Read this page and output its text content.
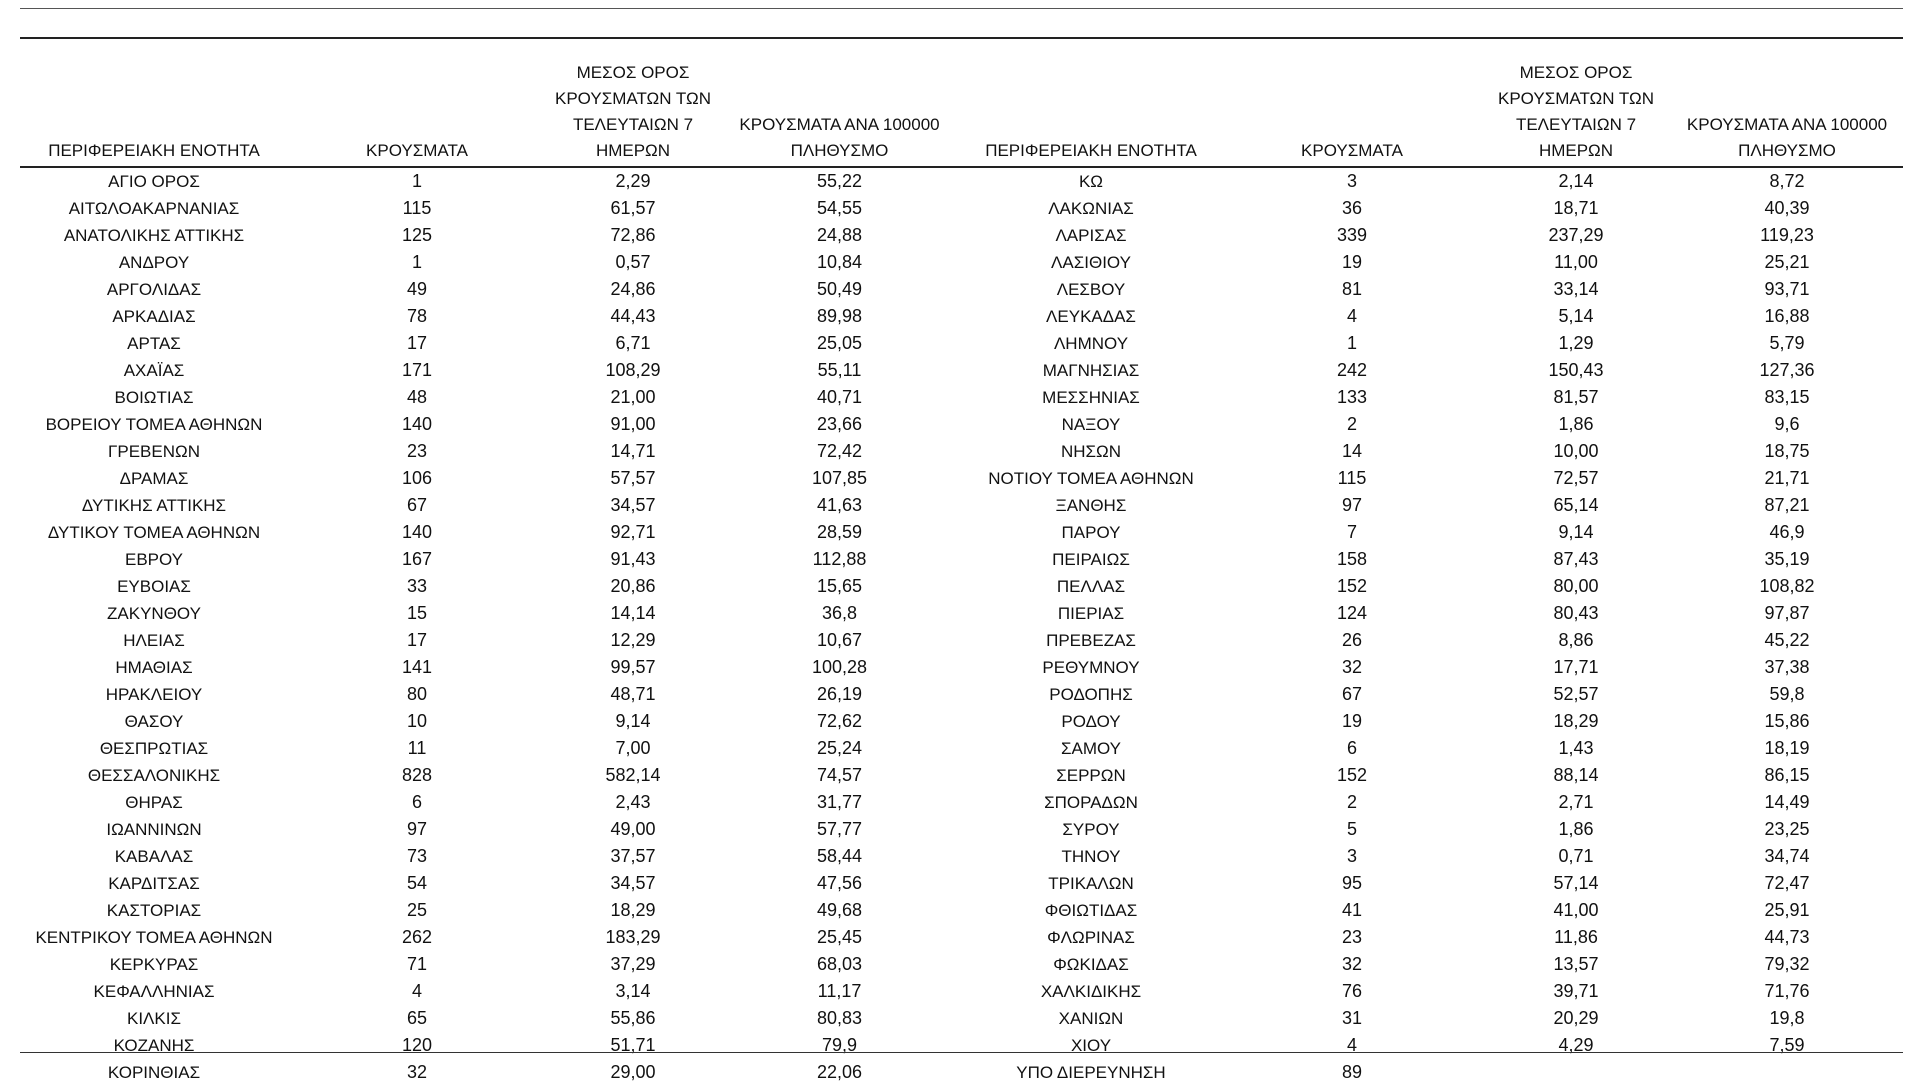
ΠΕΡΙΦΕΡΕΙΑΚΗ ΕΝΟΤΗΤΑ	ΚΡΟΥΣΜΑΤΑ	ΜΕΣΟΣ ΟΡΟΣ ΚΡΟΥΣΜΑΤΩΝ ΤΩΝ ΤΕΛΕΥΤΑΙΩΝ 7 ΗΜΕΡΩΝ	ΚΡΟΥΣΜΑΤΑ ΑΝΑ 100000 ΠΛΗΘΥΣΜΟ	ΠΕΡΙΦΕΡΕΙΑΚΗ ΕΝΟΤΗΤΑ	ΚΡΟΥΣΜΑΤΑ	ΜΕΣΟΣ ΟΡΟΣ ΚΡΟΥΣΜΑΤΩΝ ΤΩΝ ΤΕΛΕΥΤΑΙΩΝ 7 ΗΜΕΡΩΝ	ΚΡΟΥΣΜΑΤΑ ΑΝΑ 100000 ΠΛΗΘΥΣΜΟ
ΑΓΙΟ ΟΡΟΣ	1	2,29	55,22	ΚΩ	3	2,14	8,72
ΑΙΤΩΛΟΑΚΑΡΝΑΝΙΑΣ	115	61,57	54,55	ΛΑΚΩΝΙΑΣ	36	18,71	40,39
ΑΝΑΤΟΛΙΚΗΣ ΑΤΤΙΚΗΣ	125	72,86	24,88	ΛΑΡΙΣΑΣ	339	237,29	119,23
ΑΝΔΡΟΥ	1	0,57	10,84	ΛΑΣΙΘΙΟΥ	19	11,00	25,21
ΑΡΓΟΛΙΔΑΣ	49	24,86	50,49	ΛΕΣΒΟΥ	81	33,14	93,71
ΑΡΚΑΔΙΑΣ	78	44,43	89,98	ΛΕΥΚΑΔΑΣ	4	5,14	16,88
ΑΡΤΑΣ	17	6,71	25,05	ΛΗΜΝΟΥ	1	1,29	5,79
ΑΧΑΪΑΣ	171	108,29	55,11	ΜΑΓΝΗΣΙΑΣ	242	150,43	127,36
ΒΟΙΩΤΙΑΣ	48	21,00	40,71	ΜΕΣΣΗΝΙΑΣ	133	81,57	83,15
ΒΟΡΕΙΟΥ ΤΟΜΕΑ ΑΘΗΝΩΝ	140	91,00	23,66	ΝΑΞΟΥ	2	1,86	9,6
ΓΡΕΒΕΝΩΝ	23	14,71	72,42	ΝΗΣΩΝ	14	10,00	18,75
ΔΡΑΜΑΣ	106	57,57	107,85	ΝΟΤΙΟΥ ΤΟΜΕΑ ΑΘΗΝΩΝ	115	72,57	21,71
ΔΥΤΙΚΗΣ ΑΤΤΙΚΗΣ	67	34,57	41,63	ΞΑΝΘΗΣ	97	65,14	87,21
ΔΥΤΙΚΟΥ ΤΟΜΕΑ ΑΘΗΝΩΝ	140	92,71	28,59	ΠΑΡΟΥ	7	9,14	46,9
ΕΒΡΟΥ	167	91,43	112,88	ΠΕΙΡΑΙΩΣ	158	87,43	35,19
ΕΥΒΟΙΑΣ	33	20,86	15,65	ΠΕΛΛΑΣ	152	80,00	108,82
ΖΑΚΥΝΘΟΥ	15	14,14	36,8	ΠΙΕΡΙΑΣ	124	80,43	97,87
ΗΛΕΙΑΣ	17	12,29	10,67	ΠΡΕΒΕΖΑΣ	26	8,86	45,22
ΗΜΑΘΙΑΣ	141	99,57	100,28	ΡΕΘΥΜΝΟΥ	32	17,71	37,38
ΗΡΑΚΛΕΙΟΥ	80	48,71	26,19	ΡΟΔΟΠΗΣ	67	52,57	59,8
ΘΑΣΟΥ	10	9,14	72,62	ΡΟΔΟΥ	19	18,29	15,86
ΘΕΣΠΡΩΤΙΑΣ	11	7,00	25,24	ΣΑΜΟΥ	6	1,43	18,19
ΘΕΣΣΑΛΟΝΙΚΗΣ	828	582,14	74,57	ΣΕΡΡΩΝ	152	88,14	86,15
ΘΗΡΑΣ	6	2,43	31,77	ΣΠΟΡΑΔΩΝ	2	2,71	14,49
ΙΩΑΝΝΙΝΩΝ	97	49,00	57,77	ΣΥΡΟΥ	5	1,86	23,25
ΚΑΒΑΛΑΣ	73	37,57	58,44	ΤΗΝΟΥ	3	0,71	34,74
ΚΑΡΔΙΤΣΑΣ	54	34,57	47,56	ΤΡΙΚΑΛΩΝ	95	57,14	72,47
ΚΑΣΤΟΡΙΑΣ	25	18,29	49,68	ΦΘΙΩΤΙΔΑΣ	41	41,00	25,91
ΚΕΝΤΡΙΚΟΥ ΤΟΜΕΑ ΑΘΗΝΩΝ	262	183,29	25,45	ΦΛΩΡΙΝΑΣ	23	11,86	44,73
ΚΕΡΚΥΡΑΣ	71	37,29	68,03	ΦΩΚΙΔΑΣ	32	13,57	79,32
ΚΕΦΑΛΛΗΝΙΑΣ	4	3,14	11,17	ΧΑΛΚΙΔΙΚΗΣ	76	39,71	71,76
ΚΙΛΚΙΣ	65	55,86	80,83	ΧΑΝΙΩΝ	31	20,29	19,8
ΚΟΖΑΝΗΣ	120	51,71	79,9	ΧΙΟΥ	4	4,29	7,59
ΚΟΡΙΝΘΙΑΣ	32	29,00	22,06	ΥΠΟ ΔΙΕΡΕΥΝΗΣΗ	89		
